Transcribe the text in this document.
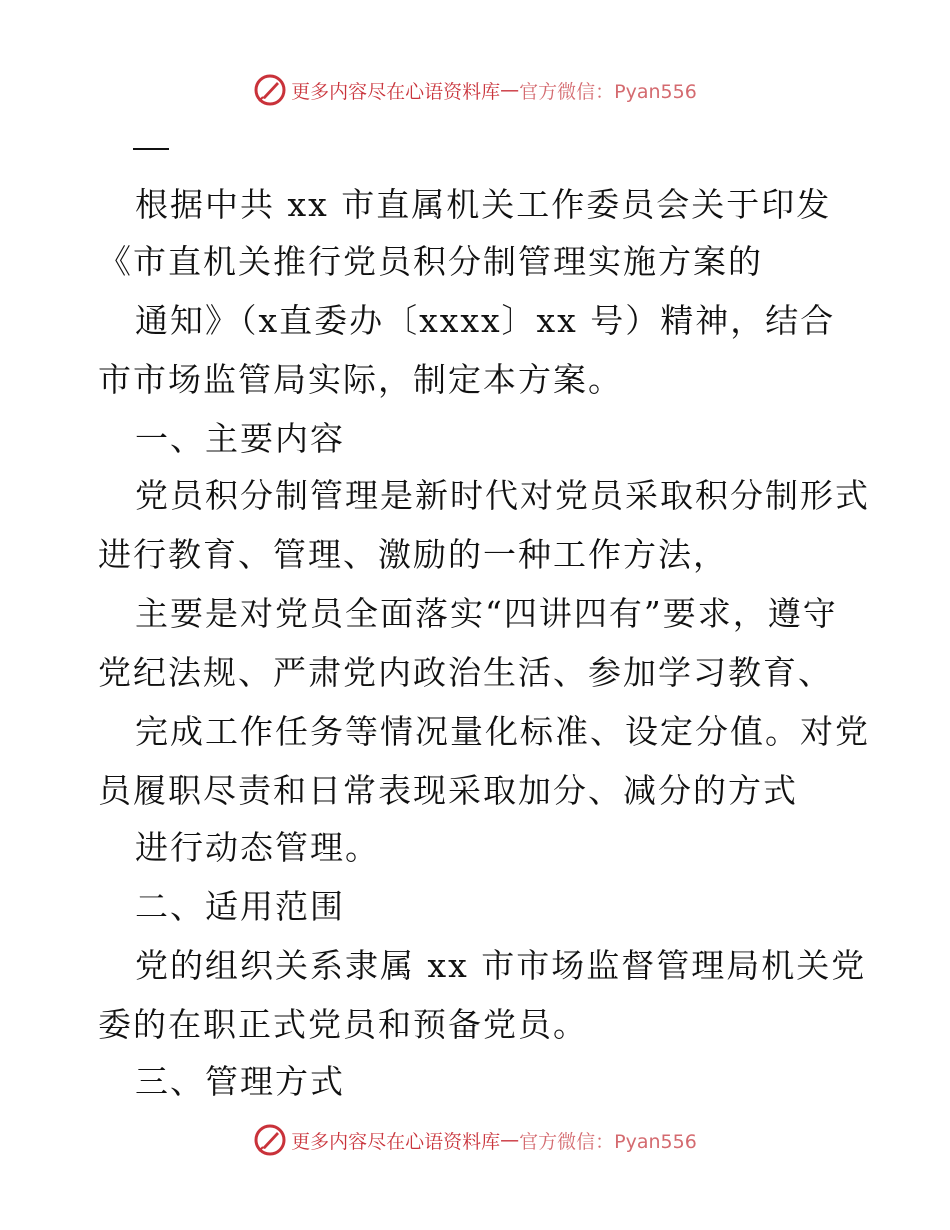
更多内容尽在心语资料库 — 官方微信：Pyan556
根据中共 xx 市直属机关工作委员会关于印发
《市直机关推行党员积分制管理实施方案的
通知》（x直委办〔xxxx〕xx 号）精神，结合
市市场监管局实际，制定本方案。
一、主要内容
党员积分制管理是新时代对党员采取积分制形式
进行教育、管理、激励的一种工作方法，
主要是对党员全面落实“四讲四有”要求，遵守
党纪法规、严肃党内政治生活、参加学习教育、
完成工作任务等情况量化标准、设定分值。对党
员履职尽责和日常表现采取加分、减分的方式
进行动态管理。
二、适用范围
党的组织关系隶属 xx 市市场监督管理局机关党
委的在职正式党员和预备党员。
三、管理方式
更多内容尽在心语资料库 — 官方微信：Pyan556
